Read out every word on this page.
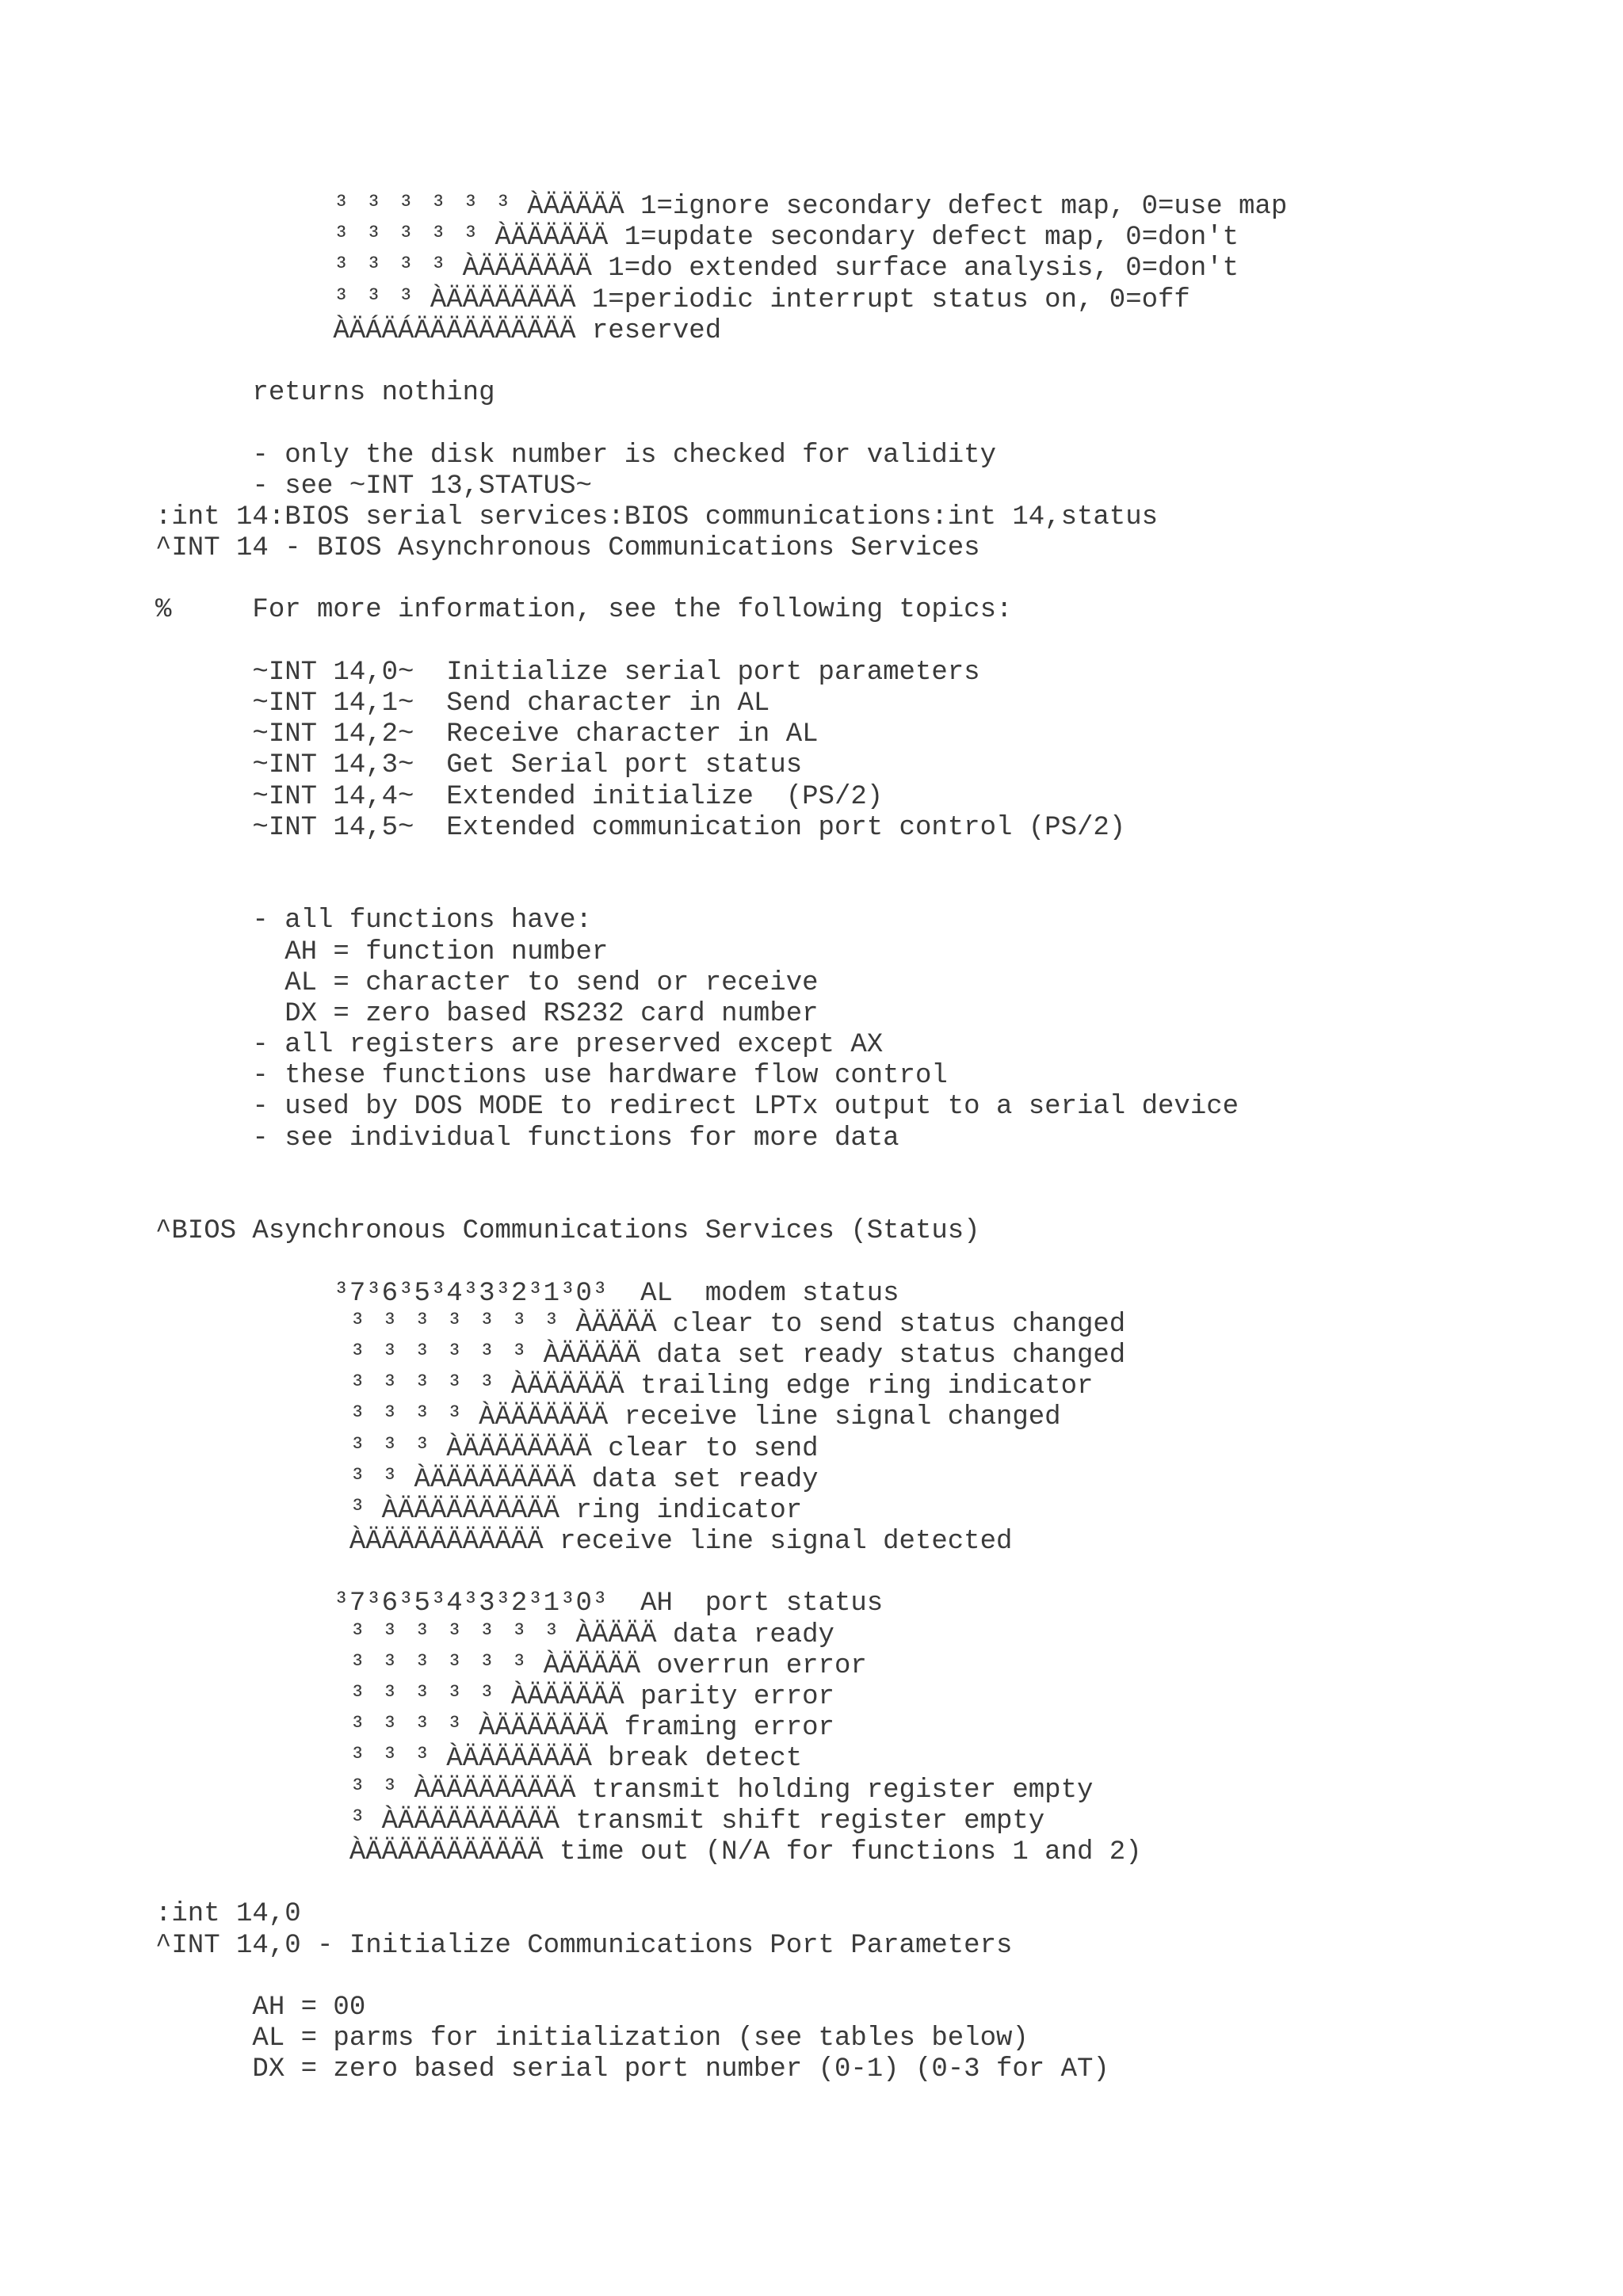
³ ³ ³ ³ ³ ³ ÀÄÄÄÄÄ 1=ignore secondary defect map, 0=use map
³ ³ ³ ³ ³ ÀÄÄÄÄÄÄ 1=update secondary defect map, 0=don't
³ ³ ³ ³ ÀÄÄÄÄÄÄÄ 1=do extended surface analysis, 0=don't
³ ³ ³ ÀÄÄÄÄÄÄÄÄ 1=periodic interrupt status on, 0=off
ÀÄÁÄÁÄÄÄÄÄÄÄÄÄÄ reserved
returns nothing
- only the disk number is checked for validity
- see ~INT 13,STATUS~
:int 14:BIOS serial services:BIOS communications:int 14,status
^INT 14 - BIOS Asynchronous Communications Services
%     For more information, see the following topics:
~INT 14,0~  Initialize serial port parameters
~INT 14,1~  Send character in AL
~INT 14,2~  Receive character in AL
~INT 14,3~  Get Serial port status
~INT 14,4~  Extended initialize  (PS/2)
~INT 14,5~  Extended communication port control (PS/2)
- all functions have:
AH = function number
AL = character to send or receive
DX = zero based RS232 card number
- all registers are preserved except AX
- these functions use hardware flow control
- used by DOS MODE to redirect LPTx output to a serial device
- see individual functions for more data
^BIOS Asynchronous Communications Services (Status)
³7³6³5³4³3³2³1³0³  AL  modem status
³ ³ ³ ³ ³ ³ ³ ÀÄÄÄÄ clear to send status changed
³ ³ ³ ³ ³ ³ ÀÄÄÄÄÄ data set ready status changed
³ ³ ³ ³ ³ ÀÄÄÄÄÄÄ trailing edge ring indicator
³ ³ ³ ³ ÀÄÄÄÄÄÄÄ receive line signal changed
³ ³ ³ ÀÄÄÄÄÄÄÄÄ clear to send
³ ³ ÀÄÄÄÄÄÄÄÄÄ data set ready
³ ÀÄÄÄÄÄÄÄÄÄÄ ring indicator
ÀÄÄÄÄÄÄÄÄÄÄÄ receive line signal detected
³7³6³5³4³3³2³1³0³  AH  port status
³ ³ ³ ³ ³ ³ ³ ÀÄÄÄÄ data ready
³ ³ ³ ³ ³ ³ ÀÄÄÄÄÄ overrun error
³ ³ ³ ³ ³ ÀÄÄÄÄÄÄ parity error
³ ³ ³ ³ ÀÄÄÄÄÄÄÄ framing error
³ ³ ³ ÀÄÄÄÄÄÄÄÄ break detect
³ ³ ÀÄÄÄÄÄÄÄÄÄ transmit holding register empty
³ ÀÄÄÄÄÄÄÄÄÄÄ transmit shift register empty
ÀÄÄÄÄÄÄÄÄÄÄÄ time out (N/A for functions 1 and 2)
:int 14,0
^INT 14,0 - Initialize Communications Port Parameters
AH = 00
AL = parms for initialization (see tables below)
DX = zero based serial port number (0-1) (0-3 for AT)
